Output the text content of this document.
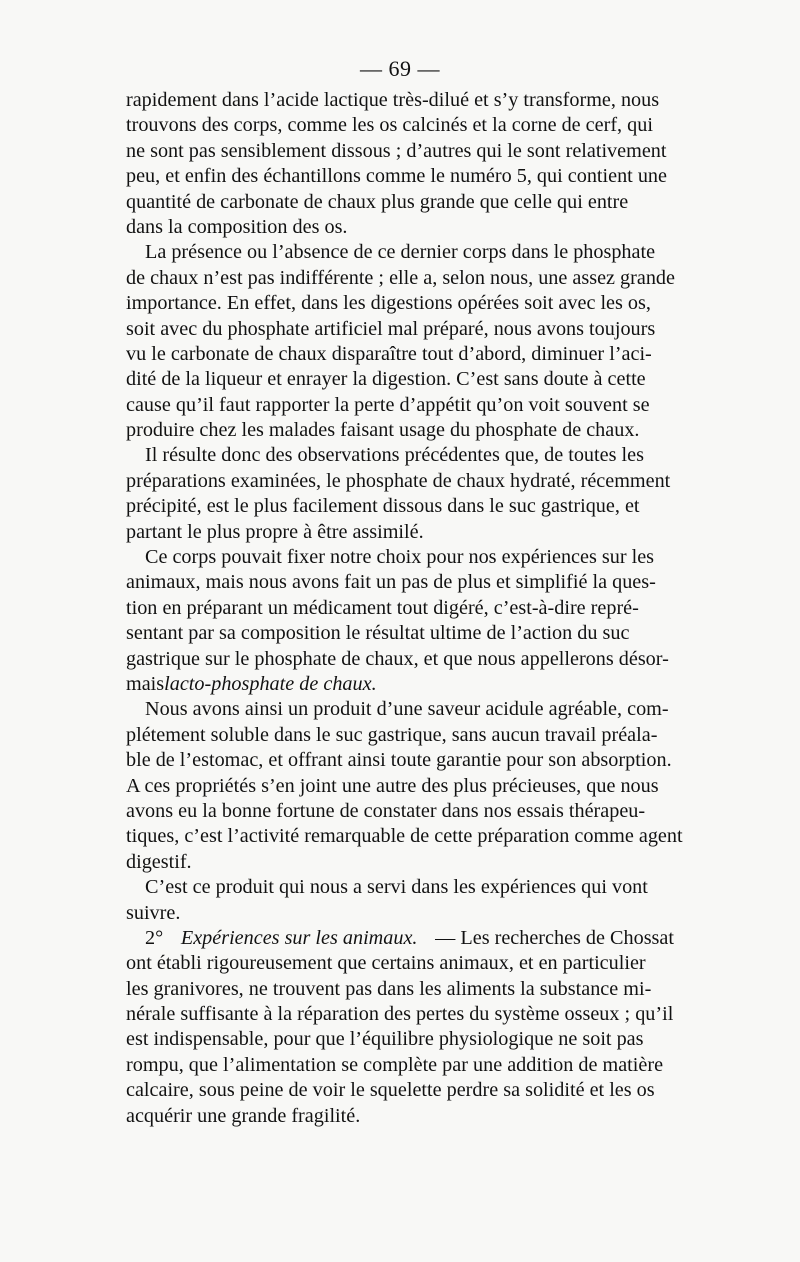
— 69 —
rapidement dans l’acide lactique très-dilué et s’y transforme, nous
trouvons des corps, comme les os calcinés et la corne de cerf, qui
ne sont pas sensiblement dissous ; d’autres qui le sont relativement
peu, et enfin des échantillons comme le numéro 5, qui contient une
quantité de carbonate de chaux plus grande que celle qui entre
dans la composition des os.
La présence ou l’absence de ce dernier corps dans le phosphate
de chaux n’est pas indifférente ; elle a, selon nous, une assez grande
importance. En effet, dans les digestions opérées soit avec les os,
soit avec du phosphate artificiel mal préparé, nous avons toujours
vu le carbonate de chaux disparaître tout d’abord, diminuer l’aci-
dité de la liqueur et enrayer la digestion. C’est sans doute à cette
cause qu’il faut rapporter la perte d’appétit qu’on voit souvent se
produire chez les malades faisant usage du phosphate de chaux.
Il résulte donc des observations précédentes que, de toutes les
préparations examinées, le phosphate de chaux hydraté, récemment
précipité, est le plus facilement dissous dans le suc gastrique, et
partant le plus propre à être assimilé.
Ce corps pouvait fixer notre choix pour nos expériences sur les
animaux, mais nous avons fait un pas de plus et simplifié la ques-
tion en préparant un médicament tout digéré, c’est-à-dire repré-
sentant par sa composition le résultat ultime de l’action du suc
gastrique sur le phosphate de chaux, et que nous appellerons désor-
mais lacto-phosphate de chaux.
Nous avons ainsi un produit d’une saveur acidule agréable, com-
plétement soluble dans le suc gastrique, sans aucun travail préala-
ble de l’estomac, et offrant ainsi toute garantie pour son absorption.
A ces propriétés s’en joint une autre des plus précieuses, que nous
avons eu la bonne fortune de constater dans nos essais thérapeu-
tiques, c’est l’activité remarquable de cette préparation comme agent
digestif.
C’est ce produit qui nous a servi dans les expériences qui vont
suivre.
2° Expériences sur les animaux. — Les recherches de Chossat
ont établi rigoureusement que certains animaux, et en particulier
les granivores, ne trouvent pas dans les aliments la substance mi-
nérale suffisante à la réparation des pertes du système osseux ; qu’il
est indispensable, pour que l’équilibre physiologique ne soit pas
rompu, que l’alimentation se complète par une addition de matière
calcaire, sous peine de voir le squelette perdre sa solidité et les os
acquérir une grande fragilité.
